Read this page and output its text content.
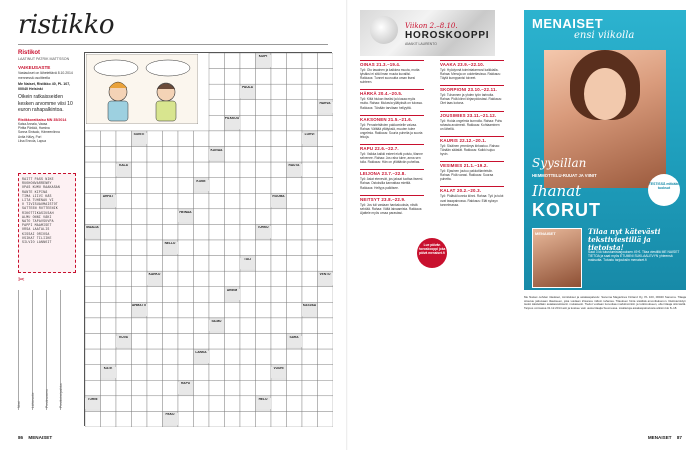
ristikko
Ristikot
LAATINUT PATRIK MATTSSON
VAIKEUSASTE
Vastaukset on lähetettävä 8.10.2014 mennessä osoitteella
Me Naiset, Ristikko 40, PL 107, 00040 Helsinki
Oikein ratkaisseiden kesken arvomme viisi 10 euron rahapalkintoa.
Ristikkoratkaisu MN 35/2014
Kaisa Annala, Vaasa
Piritta Pärkkä, Hamina
Sanna Sinisalo, Hämeenlinna
Anita Hälvy, Pori
Liisa Ennola, Lapua
RAITT PASS NIKE
RUOHONVARRENRY
OPAS KUMU RAAKASAN
RANTE KIPINÄ
TIMA LIIVI KÄS
LITA TUHENAU VI
O TIVISUAUMAISTOT
SATTEEN RUTTEENIK
RIKOTTIKASIUSAH
ALMU ONNI VÄKI
NATO TAPAVSUVPA
PAPPI MAAMISET
ORSA LAATALIS
KISSAI ORIOSA
OSIKAT TILIIKE
SILVIO LANNOIT
✂
Nimi	Lähiosoite	Postinumero	Postitoimipaikka
KUIPI
PAULA
HARVA
PILKKOO
SOINTI	LORVI
KUIVAA
KALA	RAUTA
KONE
ARFAT	ROOMA
HEINÄÄ
MAALIA	TURKU
NELLO
TULI
KARKO	VENTO
ARIEM
AHMATTI	KASVAA
SILMU
KUVA	SARA
LANKA
KATE	VUORI
RAPU
TORNI	HELO
PAKO
86 MENAISET
Viikon 2.–8.10.
HOROSKOOPPI
AMAKIT LAURENTO
OINAS 21.3.–19.4.
Tyō: Olo tasainen ja kaikkea muuta, mutta tylsäksi ei sitä ilman muuta kuvailisi. Rakkaus: Tunnet suuruutta oman itsesi suhteen.
HÄRKÄ 20.4.–20.5.
Tyō: Kiitä hiukan itseäsi ja kiusaa myös muita. Rahaa: Mukavia yllätyksiä on tulossa. Rakkaus: Tänään tarvitaan hellyyttä.
KAKSONEN 21.5.–21.6.
Tyō: Perustehtävien pakkomielle vaivaa. Rahaa: Välttää yllätyksiä, muuten tulee ongelmia. Rakkaus: Suuria puheita ja suuria tekoja.
RAPU 22.6.–22.7.
Tyō: Vaikka kaikki esteet eivät poistu, tilanne selvenee. Rahaa: Jos raha tulee, anna sen tulla. Rakkaus: Hän on yllättävän puhelias.
LEIJONA 23.7.–22.8.
Tyō: Asiat etenevät, jos jaksat luottaa itseesi. Rahaa: Ostoksilla kannattaa miettiä. Rakkaus: Hellyys palkitsee.
NEITSYT 23.8.–22.9.
Tyō: Jos tuli vastaan hankaluuksia, niistä selviää. Rahaa: Vältä lainaamista. Rakkaus: Ajattele myös omaa parastasi.
VAAKA 23.9.–22.10.
Tyō: Hyödynnä toimintatarmosi kaikkialla. Rahaa: Menoja on odotettavissa. Rakkaus: Täytä kumppanisi toiveet.
SKORPIONI 23.10.–22.11.
Tyō: Tuhannen ja yhden työn tarinoita. Rahaa: Pidä kiinni kirjanpidostasi. Rakkaus: Olet taas kotona.
JOUSIMIES 23.11.–21.12.
Tyō: Hoida ongelmia kunnolla. Rahaa: Puhu rahasta avoimesti. Rakkaus: Kohtaaminen on lähellä.
KAURIS 22.12.–20.1.
Tyō: Sisäinen ymmärrys kirkastuu. Rahaa: Tänään säästät. Rakkaus: Kaikki sujuu hyvin.
VESIMIES 21.1.–19.2.
Tyō: Ejasinen joutuu pakkotilanteisiin. Rahaa: Pidä varasi. Rakkaus: Suoraa puhetta.
KALAT 20.2.–20.3.
Tyō: Pidäsä kunnia kiinni. Rahaa: Työ ja tulot ovat tasapainossa. Rakkaus: Elät syksyn tunnelmassa.
Lue päivän horoskooppi joka päivä menaiset.fi
MENAISET
ensi viikolla
Syysillan
HEMMOTTELU-RUUAT JA VIINIT
Ihanat
KORUT
TESTISSÄ mitkään tuoksut
MENAISET	Tilaa nyt kätevästi tekstiviestillä ja tietoista!
Saat 3 kk tutustumistarjouksen 49 €. Tilaa viestillä ME NAISET TIETOA ja saat myös ETUMINI SUKLAALEVYN yhteensä maksutta. Tutustu tarjouksiin menaiset.fi
Me Naiset -lehden tilaukset, toimitukset ja asiakaspalvelu: Sanoma Magazines Finland Oy, PL 100, 00040 Sanoma. Tilaaja sitoutuu jatkuvaan tilaukseen, joka voidaan irtisanoa milloin tahansa. Tilauksen hinta sisältää arvonlisäveron. Rekisteröidyn tiedot käsitellään asiakasrekisterin mukaisesti. Tiedot voidaan luovuttaa markkinointiin ja tutkimukseen, ellei tilaaja sitä kiellä. Tarjous voimassa 31.12.2014 asti ja koskee vain uusia tilaajia Suomessa. Lisätietoja asiakaspalvelusta arkisin klo 8–18.
MENAISET 87
